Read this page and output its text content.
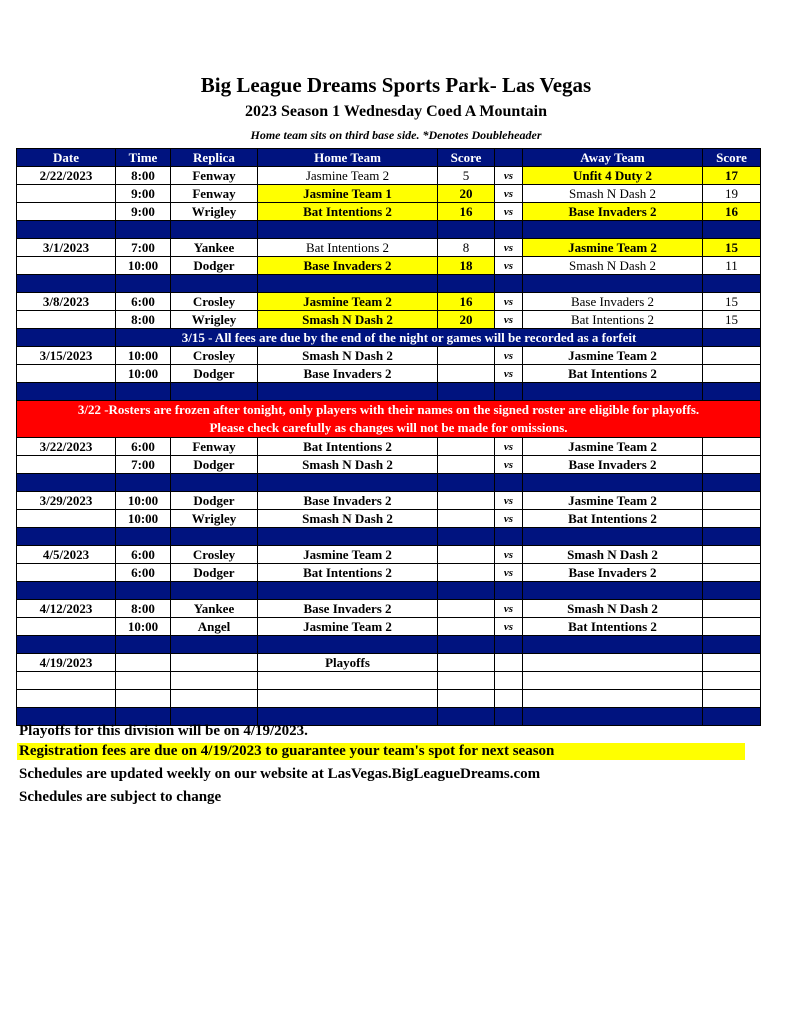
Big League Dreams Sports Park- Las Vegas
2023 Season 1 Wednesday Coed A Mountain
Home team sits on third base side. *Denotes Doubleheader
Date	Time	Replica	Home Team	Score		Away Team	Score
2/22/2023	8:00	Fenway	Jasmine Team 2	5	vs	Unfit 4 Duty 2	17
	9:00	Fenway	Jasmine Team 1	20	vs	Smash N Dash 2	19
	9:00	Wrigley	Bat Intentions 2	16	vs	Base Invaders 2	16

3/1/2023	7:00	Yankee	Bat Intentions 2	8	vs	Jasmine Team 2	15
	10:00	Dodger	Base Invaders 2	18	vs	Smash N Dash 2	11

3/8/2023	6:00	Crosley	Jasmine Team 2	16	vs	Base Invaders 2	15
	8:00	Wrigley	Smash N Dash 2	20	vs	Bat Intentions 2	15
	3/15 - All fees are due by the end of the night or games will be recorded as a forfeit						
3/15/2023	10:00	Crosley	Smash N Dash 2		vs	Jasmine Team 2	
	10:00	Dodger	Base Invaders 2		vs	Bat Intentions 2	

3/22 -Rosters are frozen after tonight, only players with their names on the signed roster are eligible for playoffs.
Please check carefully as changes will not be made for omissions.							

3/22/2023	6:00	Fenway	Bat Intentions 2		vs	Jasmine Team 2	
	7:00	Dodger	Smash N Dash 2		vs	Base Invaders 2	

3/29/2023	10:00	Dodger	Base Invaders 2		vs	Jasmine Team 2	
	10:00	Wrigley	Smash N Dash 2		vs	Bat Intentions 2	

4/5/2023	6:00	Crosley	Jasmine Team 2		vs	Smash N Dash 2	
	6:00	Dodger	Bat Intentions 2		vs	Base Invaders 2	

4/12/2023	8:00	Yankee	Base Invaders 2		vs	Smash N Dash 2	
	10:00	Angel	Jasmine Team 2		vs	Bat Intentions 2	

4/19/2023			Playoffs				

Playoffs for this division will be on 4/19/2023.
Registration fees are due on 4/19/2023 to guarantee your team's spot for next season
Schedules are updated weekly on our website at LasVegas.BigLeagueDreams.com
Schedules are subject to change
